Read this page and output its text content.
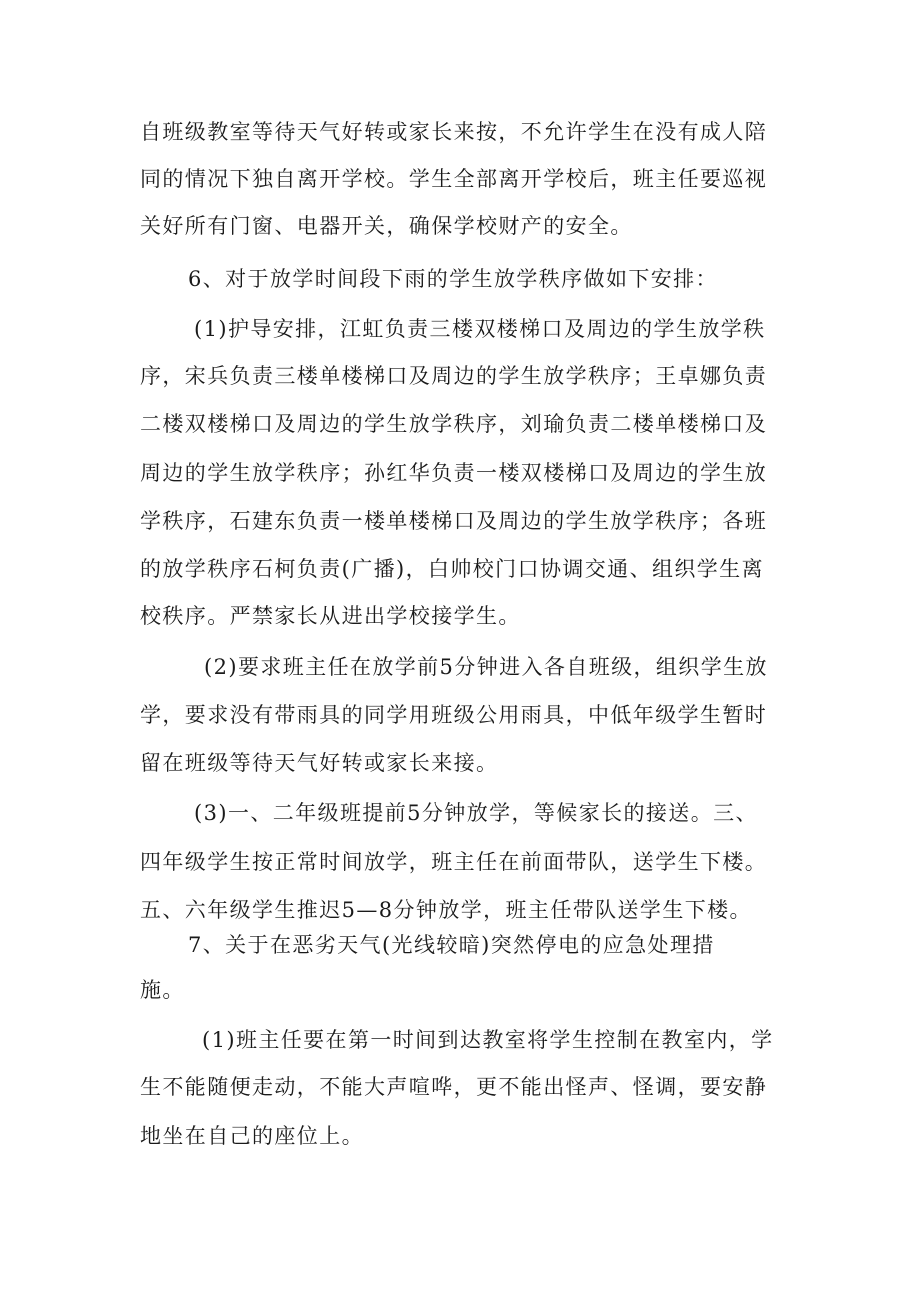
自班级教室等待天气好转或家长来按，不允许学生在没有成人陪
同的情况下独自离开学校。学生全部离开学校后，班主任要巡视
关好所有门窗、电器开关，确保学校财产的安全。
6、对于放学时间段下雨的学生放学秩序做如下安排：
(1)护导安排，江虹负责三楼双楼梯口及周边的学生放学秩
序，宋兵负责三楼单楼梯口及周边的学生放学秩序；王卓娜负责
二楼双楼梯口及周边的学生放学秩序，刘瑜负责二楼单楼梯口及
周边的学生放学秩序；孙红华负责一楼双楼梯口及周边的学生放
学秩序，石建东负责一楼单楼梯口及周边的学生放学秩序；各班
的放学秩序石柯负责(广播)，白帅校门口协调交通、组织学生离
校秩序。严禁家长从进出学校接学生。
(2)要求班主任在放学前5分钟进入各自班级，组织学生放
学，要求没有带雨具的同学用班级公用雨具，中低年级学生暂时
留在班级等待天气好转或家长来接。
(3)一、二年级班提前5分钟放学，等候家长的接送。三、
四年级学生按正常时间放学，班主任在前面带队，送学生下楼。
五、六年级学生推迟5—8分钟放学，班主任带队送学生下楼。
7、关于在恶劣天气(光线较暗)突然停电的应急处理措
施。
(1)班主任要在第一时间到达教室将学生控制在教室内，学
生不能随便走动，不能大声喧哗，更不能出怪声、怪调，要安静
地坐在自己的座位上。
